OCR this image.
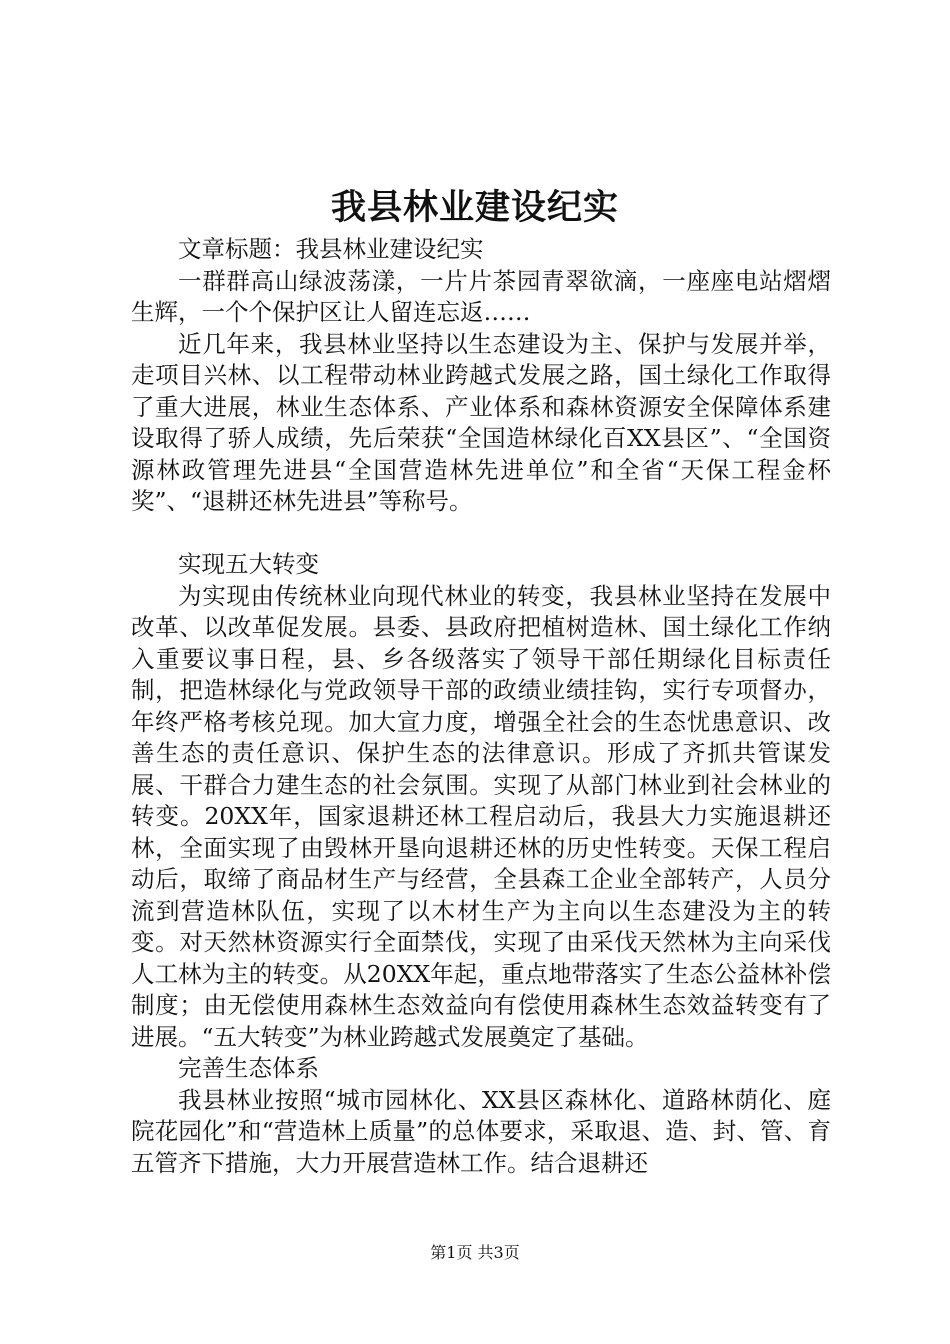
我县林业建设纪实

文章标题：我县林业建设纪实

一群群高山绿波荡漾，一片片茶园青翠欲滴，一座座电站熠熠生辉，一个个保护区让人留连忘返……

近几年来，我县林业坚持以生态建设为主、保护与发展并举，走项目兴林、以工程带动林业跨越式发展之路，国土绿化工作取得了重大进展，林业生态体系、产业体系和森林资源安全保障体系建设取得了骄人成绩，先后荣获“全国造林绿化百XX县区”、“全国资源林政管理先进县“全国营造林先进单位”和全省“天保工程金杯奖”、“退耕还林先进县”等称号。

实现五大转变

为实现由传统林业向现代林业的转变，我县林业坚持在发展中改革、以改革促发展。县委、县政府把植树造林、国土绿化工作纳入重要议事日程，县、乡各级落实了领导干部任期绿化目标责任制，把造林绿化与党政领导干部的政绩业绩挂钩，实行专项督办，年终严格考核兑现。加大宣力度，增强全社会的生态忧患意识、改善生态的责任意识、保护生态的法律意识。形成了齐抓共管谋发展、干群合力建生态的社会氛围。实现了从部门林业到社会林业的转变。20XX年，国家退耕还林工程启动后，我县大力实施退耕还林，全面实现了由毁林开垦向退耕还林的历史性转变。天保工程启动后，取缔了商品材生产与经营，全县森工企业全部转产，人员分流到营造林队伍，实现了以木材生产为主向以生态建没为主的转变。对天然林资源实行全面禁伐，实现了由采伐天然林为主向采伐人工林为主的转变。从20XX年起，重点地带落实了生态公益林补偿制度；由无偿使用森林生态效益向有偿使用森林生态效益转变有了进展。“五大转变”为林业跨越式发展奠定了基础。

完善生态体系

我县林业按照“城市园林化、XX县区森林化、道路林荫化、庭院花园化”和“营造林上质量”的总体要求，采取退、造、封、管、育五管齐下措施，大力开展营造林工作。结合退耕还

第1页 共3页
